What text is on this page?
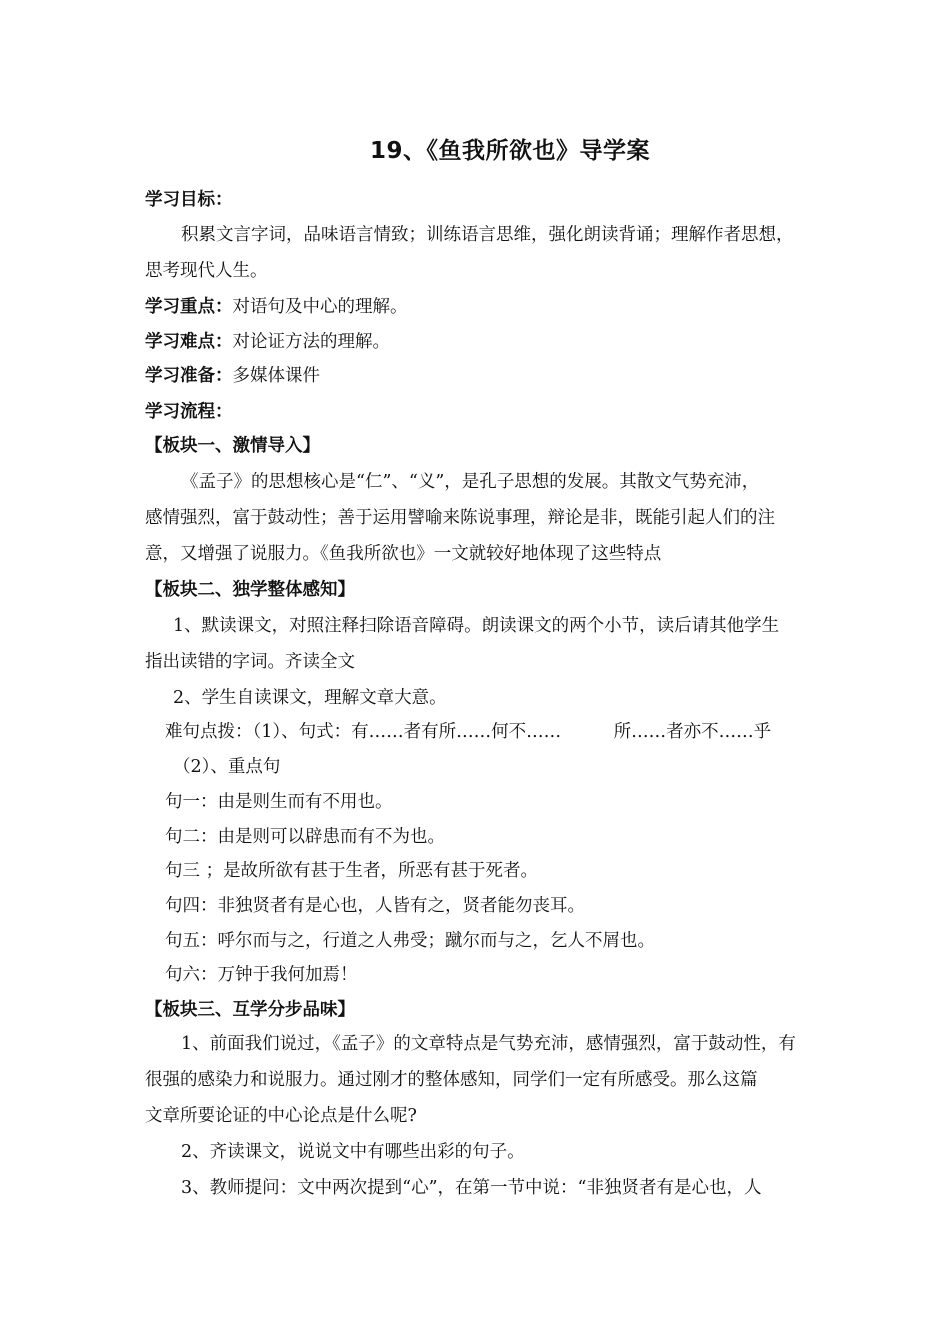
19、《鱼我所欲也》导学案
学习目标：
积累文言字词，品味语言情致；训练语言思维，强化朗读背诵；理解作者思想，
思考现代人生。
学习重点：对语句及中心的理解。
学习难点：对论证方法的理解。
学习准备：多媒体课件
学习流程：
【板块一、激情导入】
《孟子》的思想核心是“仁”、“义”，是孔子思想的发展。其散文气势充沛，
感情强烈，富于鼓动性；善于运用譬喻来陈说事理，辩论是非，既能引起人们的注
意，又增强了说服力。《鱼我所欲也》一文就较好地体现了这些特点
【板块二、独学整体感知】
1、默读课文，对照注释扫除语音障碍。朗读课文的两个小节，读后请其他学生
指出读错的字词。齐读全文
2、学生自读课文，理解文章大意。
难句点拨：（1）、句式：有……者有所……何不……　　　所……者亦不……乎
（2）、重点句
句一：由是则生而有不用也。
句二：由是则可以辟患而有不为也。
句三 ；是故所欲有甚于生者，所恶有甚于死者。
句四：非独贤者有是心也，人皆有之，贤者能勿丧耳。
句五：呼尔而与之，行道之人弗受；蹴尔而与之，乞人不屑也。
句六：万钟于我何加焉！
【板块三、互学分步品味】
1、前面我们说过，《孟子》的文章特点是气势充沛，感情强烈，富于鼓动性，有
很强的感染力和说服力。通过刚才的整体感知，同学们一定有所感受。那么这篇
文章所要论证的中心论点是什么呢?
2、齐读课文，说说文中有哪些出彩的句子。
3、教师提问：文中两次提到“心”，在第一节中说：“非独贤者有是心也，人
